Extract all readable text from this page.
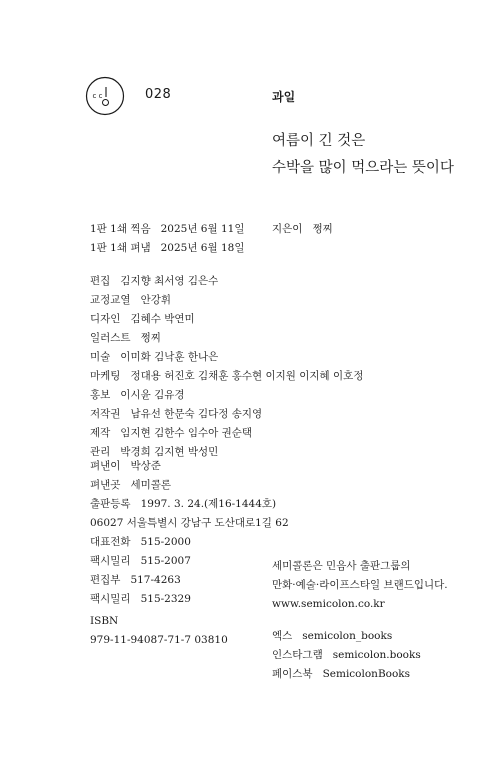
c c	028	과일
여름이 긴 것은
수박을 많이 먹으라는 뜻이다
1판 1쇄 찍음 2025년 6월 11일
1판 1쇄 펴냄 2025년 6월 18일
지은이 쩡찌
편집 김지향 최서영 김은수
교정교열 안강휘
디자인 김혜수 박연미
일러스트 쩡찌
미술 이미화 김낙훈 한나은
마케팅 정대용 허진호 김채훈 홍수현 이지원 이지혜 이호정
홍보 이시윤 김유경
저작권 남유선 한문숙 김다정 송지영
제작 임지현 김한수 임수아 권순택
관리 박경희 김지현 박성민
펴낸이 박상준
펴낸곳 세미콜론
출판등록 1997. 3. 24.(제16-1444호)
06027 서울특별시 강남구 도산대로1길 62
대표전화 515-2000
팩시밀리 515-2007
편집부 517-4263
팩시밀리 515-2329
ISBN
979-11-94087-71-7 03810
세미콜론은 민음사 출판그룹의
만화·예술·라이프스타일 브랜드입니다.
www.semicolon.co.kr
엑스 semicolon_books
인스타그램 semicolon.books
페이스북 SemicolonBooks
